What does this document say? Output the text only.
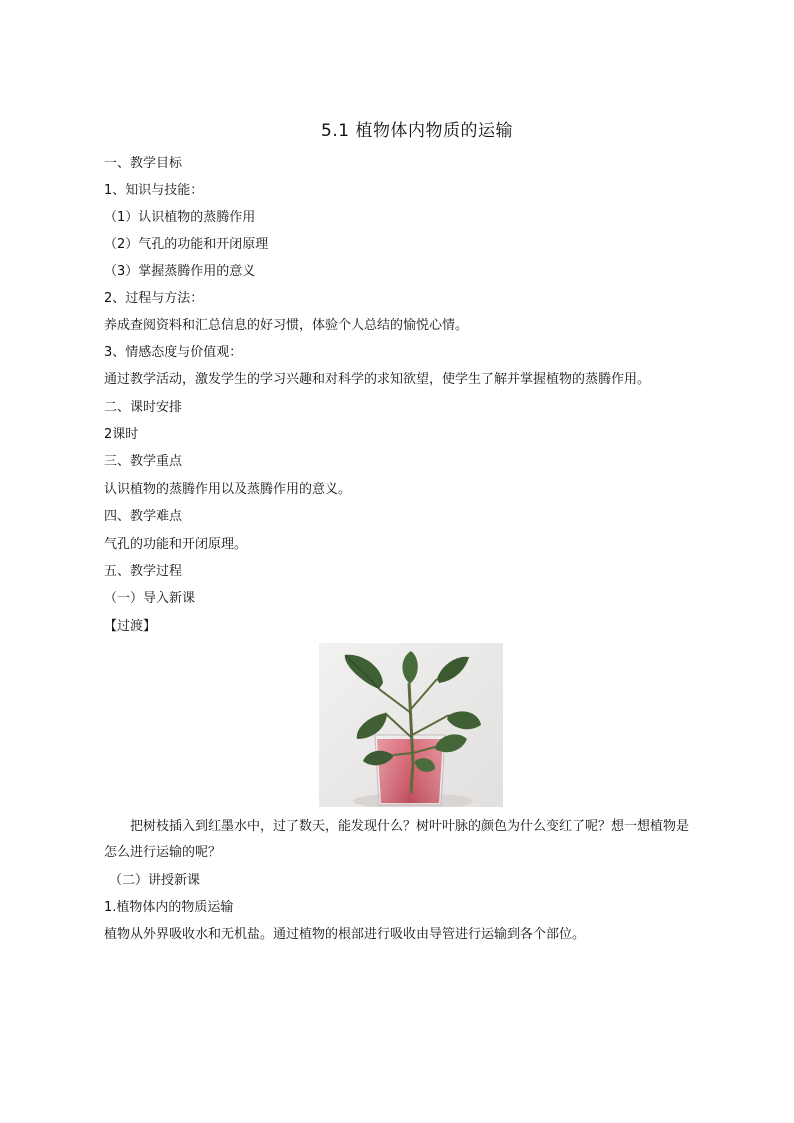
5.1 植物体内物质的运输

一、教学目标

1、知识与技能：

（1）认识植物的蒸腾作用

（2）气孔的功能和开闭原理

（3）掌握蒸腾作用的意义

2、过程与方法：

养成查阅资料和汇总信息的好习惯，体验个人总结的愉悦心情。

3、情感态度与价值观：

通过教学活动，激发学生的学习兴趣和对科学的求知欲望，使学生了解并掌握植物的蒸腾作用。

二、课时安排

2课时

三、教学重点

认识植物的蒸腾作用以及蒸腾作用的意义。

四、教学难点

气孔的功能和开闭原理。

五、教学过程

（一）导入新课

【过渡】

把树枝插入到红墨水中，过了数天，能发现什么？树叶叶脉的颜色为什么变红了呢？想一想植物是怎么进行运输的呢？

（二）讲授新课

1.植物体内的物质运输

植物从外界吸收水和无机盐。通过植物的根部进行吸收由导管进行运输到各个部位。
